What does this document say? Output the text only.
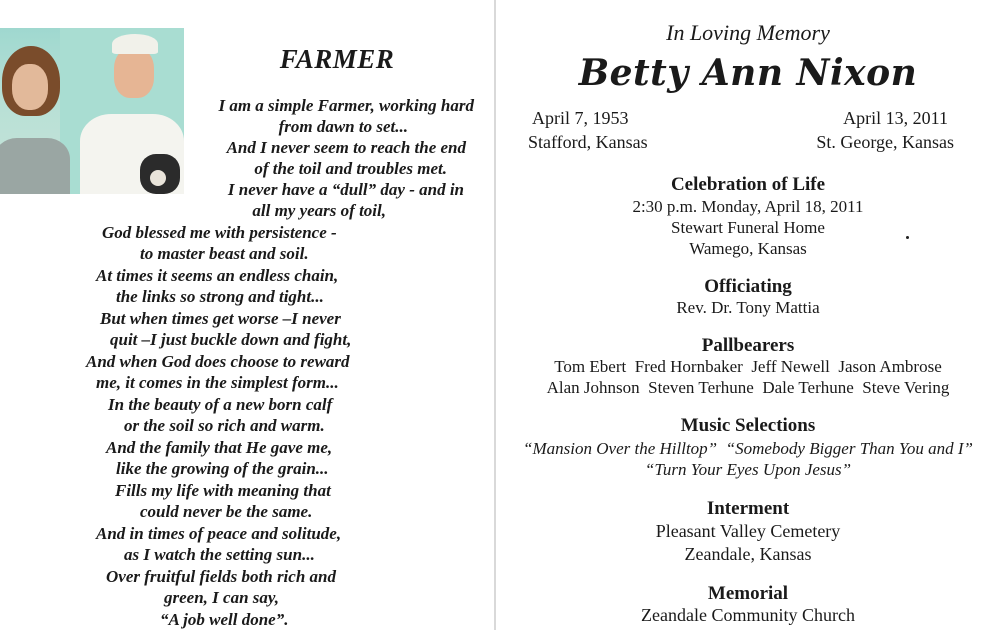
FARMER
I am a simple Farmer, working hard
from dawn to set...
And I never seem to reach the end
of the toil and troubles met.
I never have a “dull” day - and in
all my years of toil,
God blessed me with persistence -
to master beast and soil.
At times it seems an endless chain,
the links so strong and tight...
But when times get worse –I never
quit –I just buckle down and fight,
And when God does choose to reward
me, it comes in the simplest form...
In the beauty of a new born calf
or the soil so rich and warm.
And the family that He gave me,
like the growing of the grain...
Fills my life with meaning that
could never be the same.
And in times of peace and solitude,
as I watch the setting sun...
Over fruitful fields both rich and
green, I can say,
“A job well done”.
In Loving Memory
Betty Ann Nixon
April 7, 1953
Stafford, Kansas
April 13, 2011
St. George, Kansas
Celebration of Life
2:30 p.m. Monday, April 18, 2011
Stewart Funeral Home
Wamego, Kansas
Officiating
Rev. Dr. Tony Mattia
Pallbearers
Tom Ebert  Fred Hornbaker  Jeff Newell  Jason Ambrose
Alan Johnson  Steven Terhune  Dale Terhune  Steve Vering
Music Selections
“Mansion Over the Hilltop”  “Somebody Bigger Than You and I”
“Turn Your Eyes Upon Jesus”
Interment
Pleasant Valley Cemetery
Zeandale, Kansas
Memorial
Zeandale Community Church
